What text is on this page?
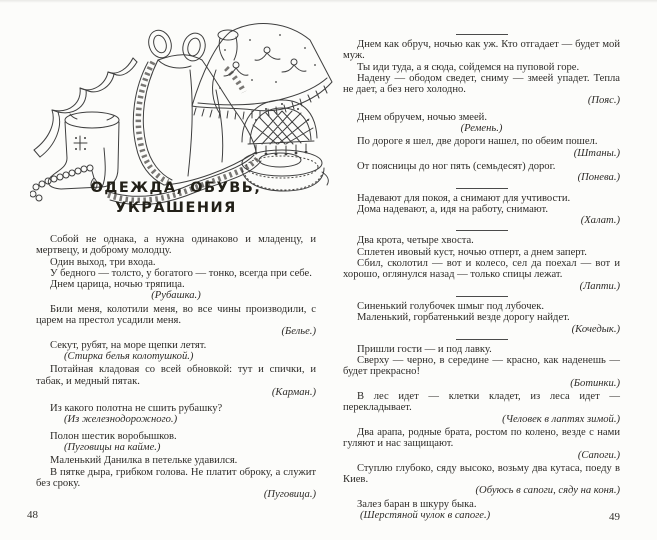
ОДЕЖДА, ОБУВЬ,
УКРАШЕНИЯ

Собой не однака, а нужна одинаково и младенцу, и мертвецу, и доброму молодцу.

Один выход, три входа.

У бедного — толсто, у богатого — тонко, всегда при себе.

Днем царица, ночью тряпица.

(Рубашка.)

Били меня, колотили меня, во все чины производили, с царем на престол усадили меня.

(Белье.)

Секут, рубят, на море щепки летят.

(Стирка белья колотушкой.)

Потайная кладовая со всей обновкой: тут и спички, и табак, и медный пятак.

(Карман.)

Из какого полотна не сшить рубашку?

(Из железнодорожного.)

Полон шестик воробышков.

(Пуговицы на кайме.)

Маленький Данилка в петельке удавился.

В пятке дыра, грибком голова. Не платит оброку, а служит без сроку.

(Пуговица.)

48

Днем как обруч, ночью как уж. Кто отгадает — будет мой муж.

Ты иди туда, а я сюда, сойдемся на пуповой горе.

Надену — ободом сведет, сниму — змеей упадет. Тепла не дает, а без него холодно.

(Пояс.)

Днем обручем, ночью змеей.

(Ремень.)

По дороге я шел, две дороги нашел, по обеим пошел.

(Штаны.)

От поясницы до ног пять (семьдесят) дорог.

(Понева.)

Надевают для покоя, а снимают для учтивости.

Дома надевают, а, идя на работу, снимают.

(Халат.)

Два крота, четыре хвоста.

Сплетен ивовый куст, ночью отперт, а днем заперт.

Сбил, сколотил — вот и колесо, сел да поехал — вот и хорошо, оглянулся назад — только спицы лежат.

(Лапти.)

Синенький голубочек шмыг под лубочек.

Маленький, горбатенький везде дорогу найдет.

(Кочедык.)

Пришли гости — и под лавку.

Сверху — черно, в середине — красно, как наденешь — будет прекрасно!

(Ботинки.)

В лес идет — клетки кладет, из леса идет — перекладывает.

(Человек в лаптях зимой.)

Два арапа, родные брата, ростом по колено, везде с нами гуляют и нас защищают.

(Сапоги.)

Ступлю глубоко, сяду высоко, возьму два кутаса, поеду в Киев.

(Обуюсь в сапоги, сяду на коня.)

Залез баран в шкуру быка.

(Шерстяной чулок в сапоге.)	49
